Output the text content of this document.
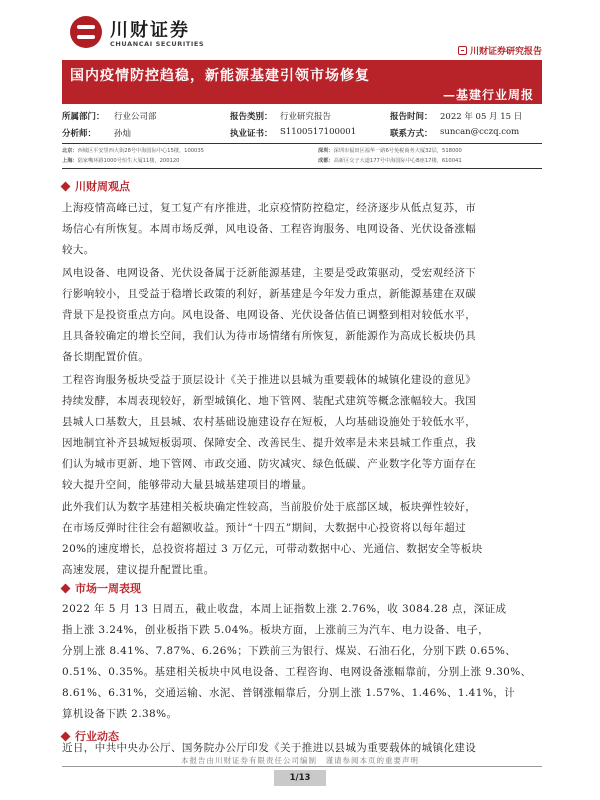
川财证券
CHUANCAI SECURITIES
川财证券研究报告
国内疫情防控趋稳，新能源基建引领市场修复
—基建行业周报
所属部门： 行业公司部	报告类别： 行业研究报告	报告时间： 2022 年 05 月 15 日
分析师： 孙灿	执业证书： S1100517100001	联系方式： suncan@cczq.com
北京：西城区平安里西大街28号中海国际中心15楼，100035	深圳：深圳市福田区福华一路6号免税商务大厦32层，518000
上海：陆家嘴环路1000号恒生大厦11楼，200120	成都：高新区交子大道177号中海国际中心B座17楼，610041
川财周观点
上海疫情高峰已过，复工复产有序推进，北京疫情防控稳定，经济逐步从低点复苏，市
场信心有所恢复。本周市场反弹，风电设备、工程咨询服务、电网设备、光伏设备涨幅
较大。
风电设备、电网设备、光伏设备属于泛新能源基建，主要是受政策驱动，受宏观经济下
行影响较小，且受益于稳增长政策的利好，新基建是今年发力重点，新能源基建在双碳
背景下是投资重点方向。风电设备、电网设备、光伏设备估值已调整到相对较低水平，
且具备较确定的增长空间，我们认为待市场情绪有所恢复，新能源作为高成长板块仍具
备长期配置价值。
工程咨询服务板块受益于顶层设计《关于推进以县城为重要载体的城镇化建设的意见》
持续发酵，本周表现较好，新型城镇化、地下管网、装配式建筑等概念涨幅较大。我国
县城人口基数大，且县城、农村基础设施建设存在短板，人均基础设施处于较低水平，
因地制宜补齐县城短板弱项、保障安全、改善民生、提升效率是未来县城工作重点，我
们认为城市更新、地下管网、市政交通、防灾减灾、绿色低碳、产业数字化等方面存在
较大提升空间，能够带动大量县城基建项目的增量。
此外我们认为数字基建相关板块确定性较高，当前股价处于底部区域，板块弹性较好，
在市场反弹时往往会有超额收益。预计“十四五”期间，大数据中心投资将以每年超过
20%的速度增长，总投资将超过 3 万亿元，可带动数据中心、光通信、数据安全等板块
高速发展，建议提升配置比重。
市场一周表现
2022 年 5 月 13 日周五，截止收盘，本周上证指数上涨 2.76%，收 3084.28 点，深证成
指上涨 3.24%，创业板指下跌 5.04%。板块方面，上涨前三为汽车、电力设备、电子，
分别上涨 8.41%、7.87%、6.26%；下跌前三为银行、煤炭、石油石化，分别下跌 0.65%、
0.51%、0.35%。基建相关板块中风电设备、工程咨询、电网设备涨幅靠前，分别上涨 9.30%、
8.61%、6.31%，交通运输、水泥、普钢涨幅靠后，分别上涨 1.57%、1.46%、1.41%，计
算机设备下跌 2.38%。
行业动态
近日，中共中央办公厅、国务院办公厅印发《关于推进以县城为重要载体的城镇化建设
本报告由川财证券有限责任公司编制　谨请参阅本页的重要声明
1/13
